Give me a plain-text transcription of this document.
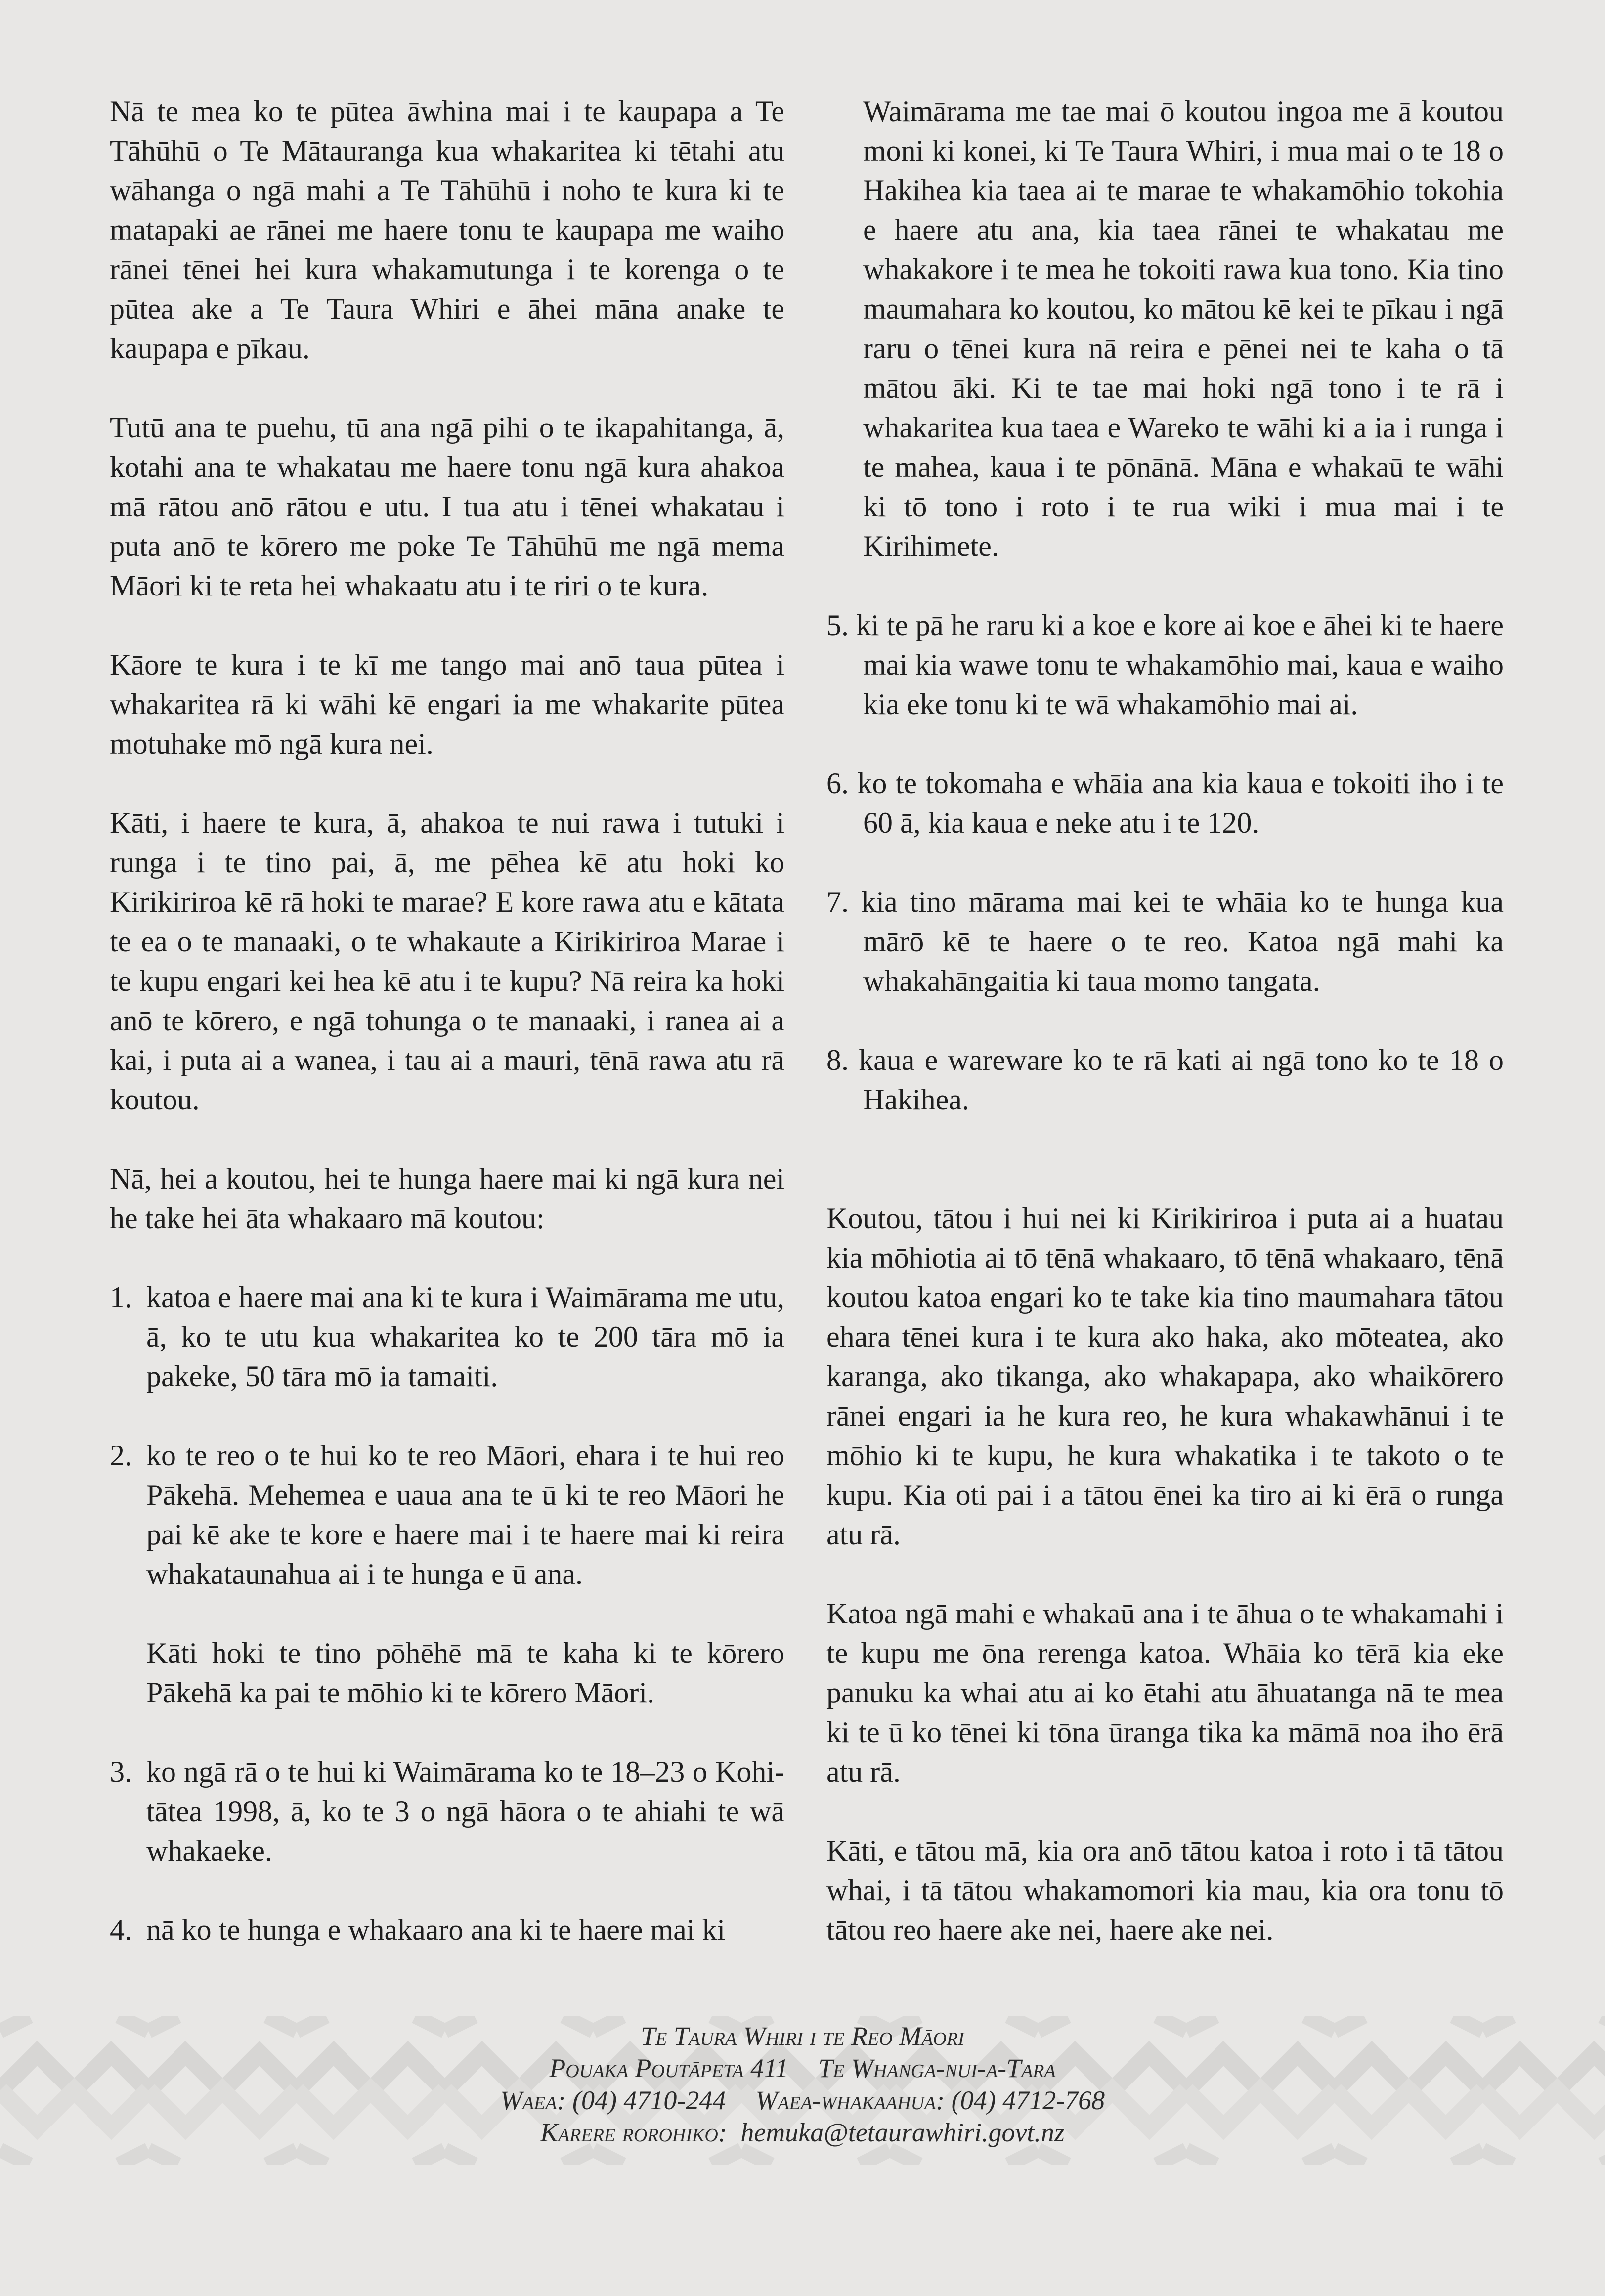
Nā te mea ko te pūtea āwhina mai i te kaupapa a Te Tāhūhū o Te Mātauranga kua whakaritea ki tētahi atu wāhanga o ngā mahi a Te Tāhūhū i noho te kura ki te matapaki ae rānei me haere tonu te kaupapa me waiho rānei tēnei hei kura whakamutunga i te korenga o te pūtea ake a Te Taura Whiri e āhei māna anake te kaupapa e pīkau.

Tutū ana te puehu, tū ana ngā pihi o te ikapahitanga, ā, kotahi ana te whakatau me haere tonu ngā kura ahakoa mā rātou anō rātou e utu. I tua atu i tēnei whakatau i puta anō te kōrero me poke Te Tāhūhū me ngā mema Māori ki te reta hei whakaatu atu i te riri o te kura.

Kāore te kura i te kī me tango mai anō taua pūtea i whakaritea rā ki wāhi kē engari ia me whakarite pūtea motuhake mō ngā kura nei.

Kāti, i haere te kura, ā, ahakoa te nui rawa i tutuki i runga i te tino pai, ā, me pēhea kē atu hoki ko Kirikiriroa kē rā hoki te marae? E kore rawa atu e kātata te ea o te manaaki, o te whakaute a Kirikiriroa Marae i te kupu engari kei hea kē atu i te kupu? Nā reira ka hoki anō te kōrero, e ngā tohunga o te manaaki, i ranea ai a kai, i puta ai a wanea, i tau ai a mauri, tēnā rawa atu rā koutou.

Nā, hei a koutou, hei te hunga haere mai ki ngā kura nei he take hei āta whakaaro mā koutou:

1. katoa e haere mai ana ki te kura i Waimārama me utu, ā, ko te utu kua whakaritea ko te 200 tāra mō ia pakeke, 50 tāra mō ia tamaiti.
2. ko te reo o te hui ko te reo Māori, ehara i te hui reo Pākehā. Mehemea e uaua ana te ū ki te reo Māori he pai kē ake te kore e haere mai i te haere mai ki reira whakataunahua ai i te hunga e ū ana.

Kāti hoki te tino pōhēhē mā te kaha ki te kōrero Pākehā ka pai te mōhio ki te kōrero Māori.

3. ko ngā rā o te hui ki Waimārama ko te 18–23 o Kohi-tātea 1998, ā, ko te 3 o ngā hāora o te ahiahi te wā whakaeke.
4. nā ko te hunga e whakaaro ana ki te haere mai ki

Waimārama me tae mai ō koutou ingoa me ā koutou moni ki konei, ki Te Taura Whiri, i mua mai o te 18 o Hakihea kia taea ai te marae te whakamōhio tokohia e haere atu ana, kia taea rānei te whakatau me whakakore i te mea he tokoiti rawa kua tono. Kia tino maumahara ko koutou, ko mātou kē kei te pīkau i ngā raru o tēnei kura nā reira e pēnei nei te kaha o tā mātou āki. Ki te tae mai hoki ngā tono i te rā i whakaritea kua taea e Wareko te wāhi ki a ia i runga i te mahea, kaua i te pōnānā. Māna e whakaū te wāhi ki tō tono i roto i te rua wiki i mua mai i te Kirihimete.

5. ki te pā he raru ki a koe e kore ai koe e āhei ki te haere mai kia wawe tonu te whakamōhio mai, kaua e waiho kia eke tonu ki te wā whakamōhio mai ai.

6. ko te tokomaha e whāia ana kia kaua e tokoiti iho i te 60 ā, kia kaua e neke atu i te 120.

7. kia tino mārama mai kei te whāia ko te hunga kua mārō kē te haere o te reo. Katoa ngā mahi ka whakahāngaitia ki taua momo tangata.

8. kaua e wareware ko te rā kati ai ngā tono ko te 18 o Hakihea.

Koutou, tātou i hui nei ki Kirikiriroa i puta ai a huatau kia mōhiotia ai tō tēnā whakaaro, tō tēnā whakaaro, tēnā koutou katoa engari ko te take kia tino maumahara tātou ehara tēnei kura i te kura ako haka, ako mōteatea, ako karanga, ako tikanga, ako whakapapa, ako whaikōrero rānei engari ia he kura reo, he kura whakawhānui i te mōhio ki te kupu, he kura whakatika i te takoto o te kupu. Kia oti pai i a tātou ēnei ka tiro ai ki ērā o runga atu rā.

Katoa ngā mahi e whakaū ana i te āhua o te whakamahi i te kupu me ōna rerenga katoa. Whāia ko tērā kia eke panuku ka whai atu ai ko ētahi atu āhuatanga nā te mea ki te ū ko tēnei ki tōna ūranga tika ka māmā noa iho ērā atu rā.

Kāti, e tātou mā, kia ora anō tātou katoa i roto i tā tātou whai, i tā tātou whakamomori kia mau, kia ora tonu tō tātou reo haere ake nei, haere ake nei.

Te Taura Whiri i te Reo Māori
Pouaka Poutāpeta 411 Te Whanga-nui-a-Tara
Waea: (04) 4710-244 Waea-whakaahua: (04) 4712-768
Karere rorohiko: hemuka@tetaurawhiri.govt.nz
